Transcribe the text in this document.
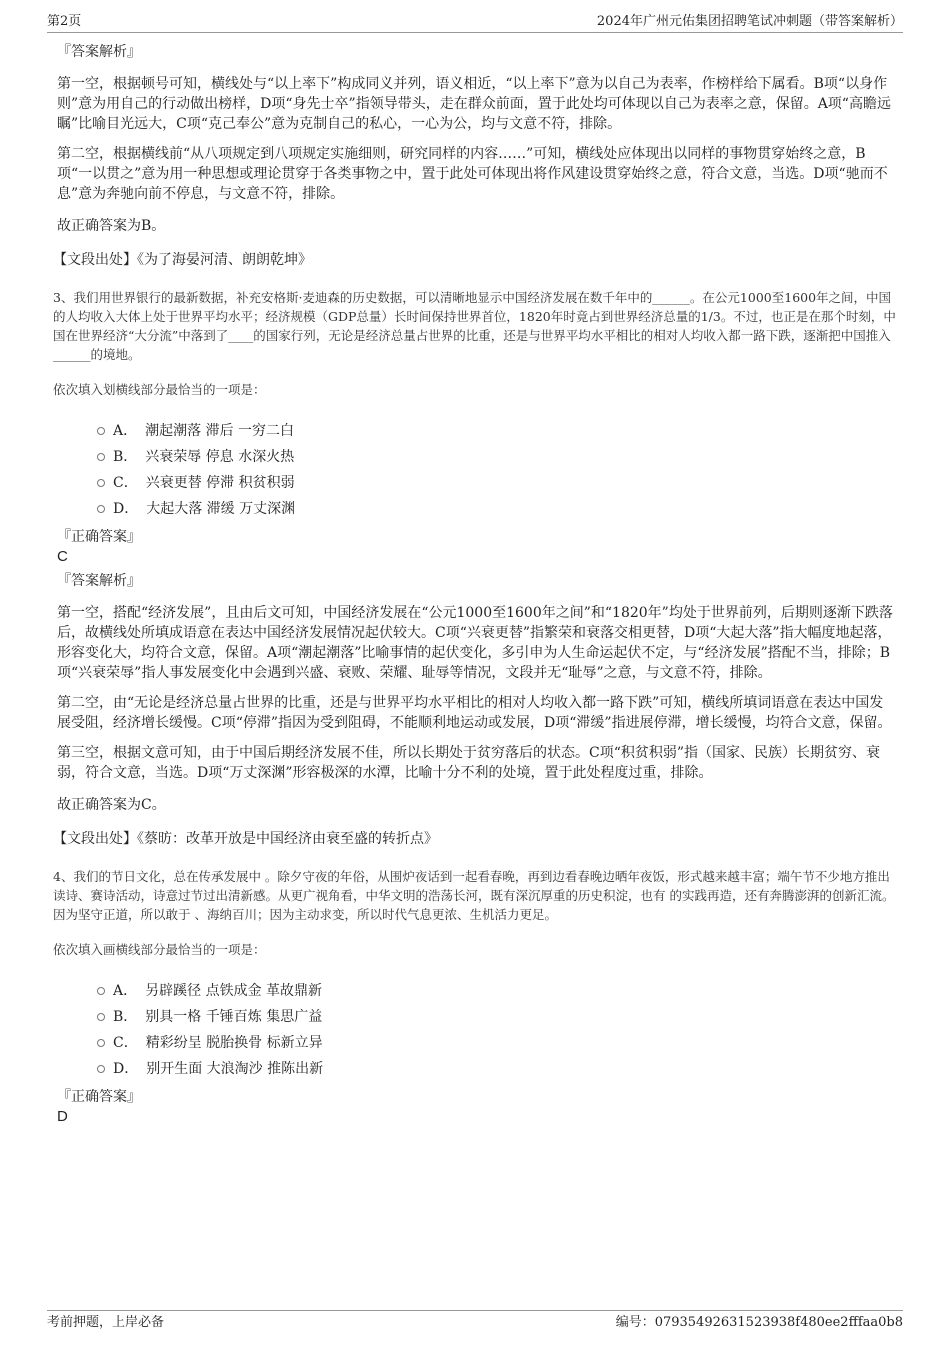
第2页	2024年广州元佑集团招聘笔试冲刺题（带答案解析）

『答案解析』

第一空，根据顿号可知，横线处与“以上率下”构成同义并列，语义相近，“以上率下”意为以自己为表率，作榜样给下属看。B项“以身作则”意为用自己的行动做出榜样，D项“身先士卒”指领导带头，走在群众前面，置于此处均可体现以自己为表率之意，保留。A项“高瞻远瞩”比喻目光远大，C项“克己奉公”意为克制自己的私心，一心为公，均与文意不符，排除。

第二空，根据横线前“从八项规定到八项规定实施细则，研究同样的内容……”可知，横线处应体现出以同样的事物贯穿始终之意，B项“一以贯之”意为用一种思想或理论贯穿于各类事物之中，置于此处可体现出将作风建设贯穿始终之意，符合文意，当选。D项“驰而不息”意为奔驰向前不停息，与文意不符，排除。

故正确答案为B。

【文段出处】《为了海晏河清、朗朗乾坤》

3、我们用世界银行的最新数据，补充安格斯·麦迪森的历史数据，可以清晰地显示中国经济发展在数千年中的______。在公元1000至1600年之间，中国的人均收入大体上处于世界平均水平；经济规模（GDP总量）长时间保持世界首位，1820年时竟占到世界经济总量的1/3。不过，也正是在那个时刻，中国在世界经济“大分流”中落到了____的国家行列，无论是经济总量占世界的比重，还是与世界平均水平相比的相对人均收入都一路下跌，逐渐把中国推入______的境地。

依次填入划横线部分最恰当的一项是：

A． 潮起潮落 滞后 一穷二白
B． 兴衰荣辱 停息 水深火热
C． 兴衰更替 停滞 积贫积弱
D． 大起大落 滞缓 万丈深渊
『正确答案』
C
『答案解析』

第一空，搭配“经济发展”，且由后文可知，中国经济发展在“公元1000至1600年之间”和“1820年”均处于世界前列，后期则逐渐下跌落后，故横线处所填成语意在表达中国经济发展情况起伏较大。C项“兴衰更替”指繁荣和衰落交相更替，D项“大起大落”指大幅度地起落，形容变化大，均符合文意，保留。A项“潮起潮落”比喻事情的起伏变化，多引申为人生命运起伏不定，与“经济发展”搭配不当，排除；B项“兴衰荣辱”指人事发展变化中会遇到兴盛、衰败、荣耀、耻辱等情况，文段并无“耻辱”之意，与文意不符，排除。

第二空，由“无论是经济总量占世界的比重，还是与世界平均水平相比的相对人均收入都一路下跌”可知，横线所填词语意在表达中国发展受阻，经济增长缓慢。C项“停滞”指因为受到阻碍，不能顺利地运动或发展，D项“滞缓”指进展停滞，增长缓慢，均符合文意，保留。

第三空，根据文意可知，由于中国后期经济发展不佳，所以长期处于贫穷落后的状态。C项“积贫积弱”指（国家、民族）长期贫穷、衰弱，符合文意，当选。D项“万丈深渊”形容极深的水潭，比喻十分不利的处境，置于此处程度过重，排除。

故正确答案为C。

【文段出处】《蔡昉：改革开放是中国经济由衰至盛的转折点》

4、我们的节日文化，总在传承发展中 。除夕守夜的年俗，从围炉夜话到一起看春晚，再到边看春晚边晒年夜饭，形式越来越丰富；端午节不少地方推出读诗、赛诗活动，诗意过节过出清新感。从更广视角看，中华文明的浩荡长河，既有深沉厚重的历史积淀，也有 的实践再造，还有奔腾澎湃的创新汇流。因为坚守正道，所以敢于 、海纳百川；因为主动求变，所以时代气息更浓、生机活力更足。

依次填入画横线部分最恰当的一项是：

A． 另辟蹊径 点铁成金 革故鼎新
B． 别具一格 千锤百炼 集思广益
C． 精彩纷呈 脱胎换骨 标新立异
D． 别开生面 大浪淘沙 推陈出新
『正确答案』
D
考前押题，上岸必备	编号：07935492631523938f480ee2fffaa0b8
